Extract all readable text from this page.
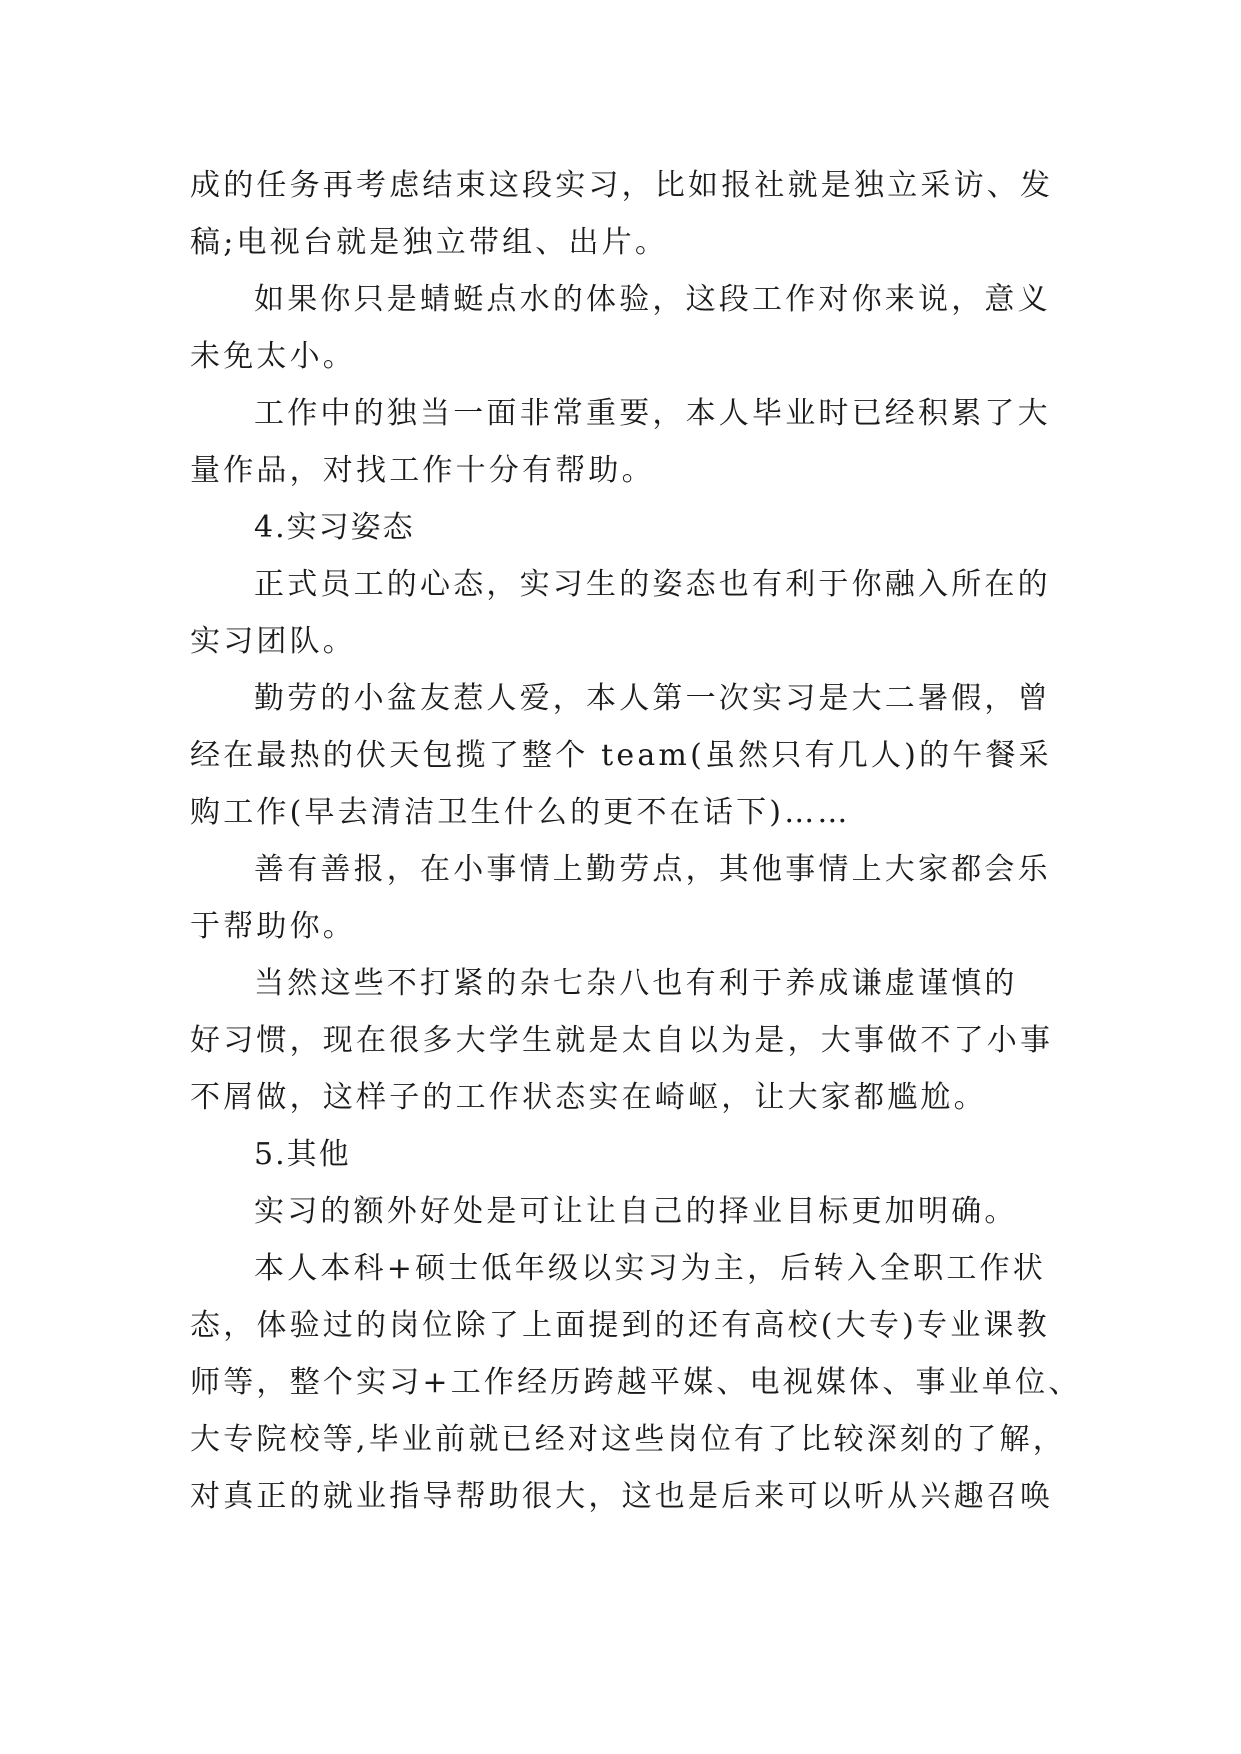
成的任务再考虑结束这段实习，比如报社就是独立采访、发
稿;电视台就是独立带组、出片。
如果你只是蜻蜓点水的体验，这段工作对你来说，意义
未免太小。
工作中的独当一面非常重要，本人毕业时已经积累了大
量作品，对找工作十分有帮助。
4.实习姿态
正式员工的心态，实习生的姿态也有利于你融入所在的
实习团队。
勤劳的小盆友惹人爱，本人第一次实习是大二暑假，曾
经在最热的伏天包揽了整个 team(虽然只有几人)的午餐采
购工作(早去清洁卫生什么的更不在话下)……
善有善报，在小事情上勤劳点，其他事情上大家都会乐
于帮助你。
当然这些不打紧的杂七杂八也有利于养成谦虚谨慎的
好习惯，现在很多大学生就是太自以为是，大事做不了小事
不屑做，这样子的工作状态实在崎岖，让大家都尴尬。
5.其他
实习的额外好处是可让让自己的择业目标更加明确。
本人本科+硕士低年级以实习为主，后转入全职工作状
态，体验过的岗位除了上面提到的还有高校(大专)专业课教
师等，整个实习+工作经历跨越平媒、电视媒体、事业单位、
大专院校等,毕业前就已经对这些岗位有了比较深刻的了解，
对真正的就业指导帮助很大，这也是后来可以听从兴趣召唤
